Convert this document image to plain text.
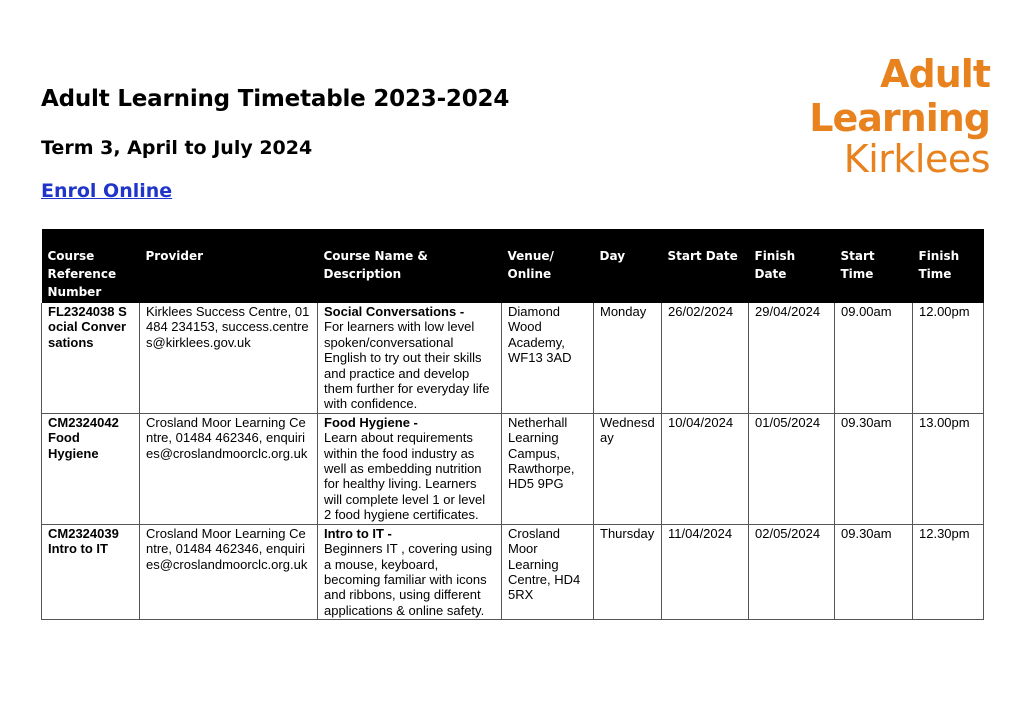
Adult Learning Timetable 2023-2024
Term 3, April to July 2024
Enrol Online
Adult Learning
Kirklees
Course Reference Number	Provider	Course Name & Description	Venue/ Online	Day	Start Date	Finish Date	Start Time	Finish Time
FL2324038 Social Conversations	Kirklees Success Centre, 01484 234153, success.centres@kirklees.gov.uk	Social Conversations -
For learners with low level spoken/conversational English to try out their skills and practice and develop them further for everyday life with confidence.	Diamond Wood Academy, WF13 3AD	Monday	26/02/2024	29/04/2024	09.00am	12.00pm
CM2324042 Food Hygiene	Crosland Moor Learning Centre, 01484 462346, enquiries@croslandmoorclc.org.uk	Food Hygiene -
Learn about requirements within the food industry as well as embedding nutrition for healthy living. Learners will complete level 1 or level 2 food hygiene certificates.	Netherhall Learning Campus, Rawthorpe, HD5 9PG	Wednesday	10/04/2024	01/05/2024	09.30am	13.00pm
CM2324039 Intro to IT	Crosland Moor Learning Centre, 01484 462346, enquiries@croslandmoorclc.org.uk	Intro to IT -
Beginners IT , covering using a mouse, keyboard, becoming familiar with icons and ribbons, using different applications & online safety.	Crosland Moor Learning Centre, HD4 5RX	Thursday	11/04/2024	02/05/2024	09.30am	12.30pm
